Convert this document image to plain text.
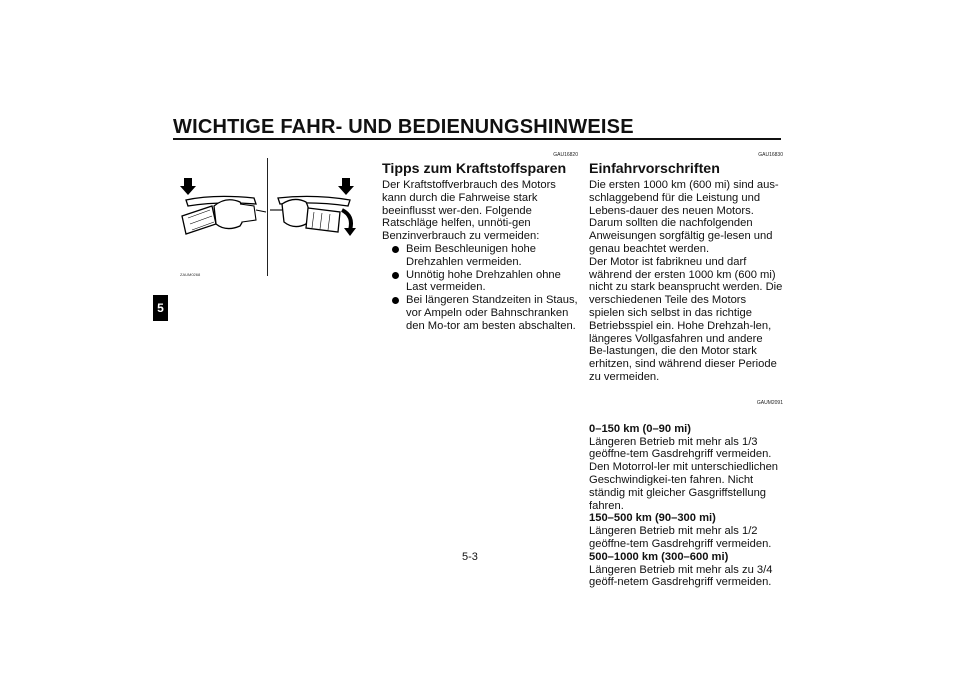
WICHTIGE FAHR- UND BEDIENUNGSHINWEISE
5
ZAUM0268
GAU16820
Tipps zum Kraftstoffsparen

Der Kraftstoffverbrauch des Motors kann durch die Fahrweise stark beeinflusst wer-den. Folgende Ratschläge helfen, unnöti-gen Benzinverbrauch zu vermeiden:

Beim Beschleunigen hohe Drehzahlen vermeiden.
Unnötig hohe Drehzahlen ohne Last vermeiden.
Bei längeren Standzeiten in Staus, vor Ampeln oder Bahnschranken den Mo-tor am besten abschalten.
GAU16830
Einfahrvorschriften

Die ersten 1000 km (600 mi) sind aus-schlaggebend für die Leistung und Lebens-dauer des neuen Motors. Darum sollten die nachfolgenden Anweisungen sorgfältig ge-lesen und genau beachtet werden.

Der Motor ist fabrikneu und darf während der ersten 1000 km (600 mi) nicht zu stark beansprucht werden. Die verschiedenen Teile des Motors spielen sich selbst in das richtige Betriebsspiel ein. Hohe Drehzah-len, längeres Vollgasfahren und andere Be-lastungen, die den Motor stark erhitzen, sind während dieser Periode zu vermeiden.

GAUM2091

0–150 km (0–90 mi)

Längeren Betrieb mit mehr als 1/3 geöffne-tem Gasdrehgriff vermeiden. Den Motorrol-ler mit unterschiedlichen Geschwindigkei-ten fahren. Nicht ständig mit gleicher Gasgriffstellung fahren.

150–500 km (90–300 mi)

Längeren Betrieb mit mehr als 1/2 geöffne-tem Gasdrehgriff vermeiden.

500–1000 km (300–600 mi)

Längeren Betrieb mit mehr als zu 3/4 geöff-netem Gasdrehgriff vermeiden.

5-3
